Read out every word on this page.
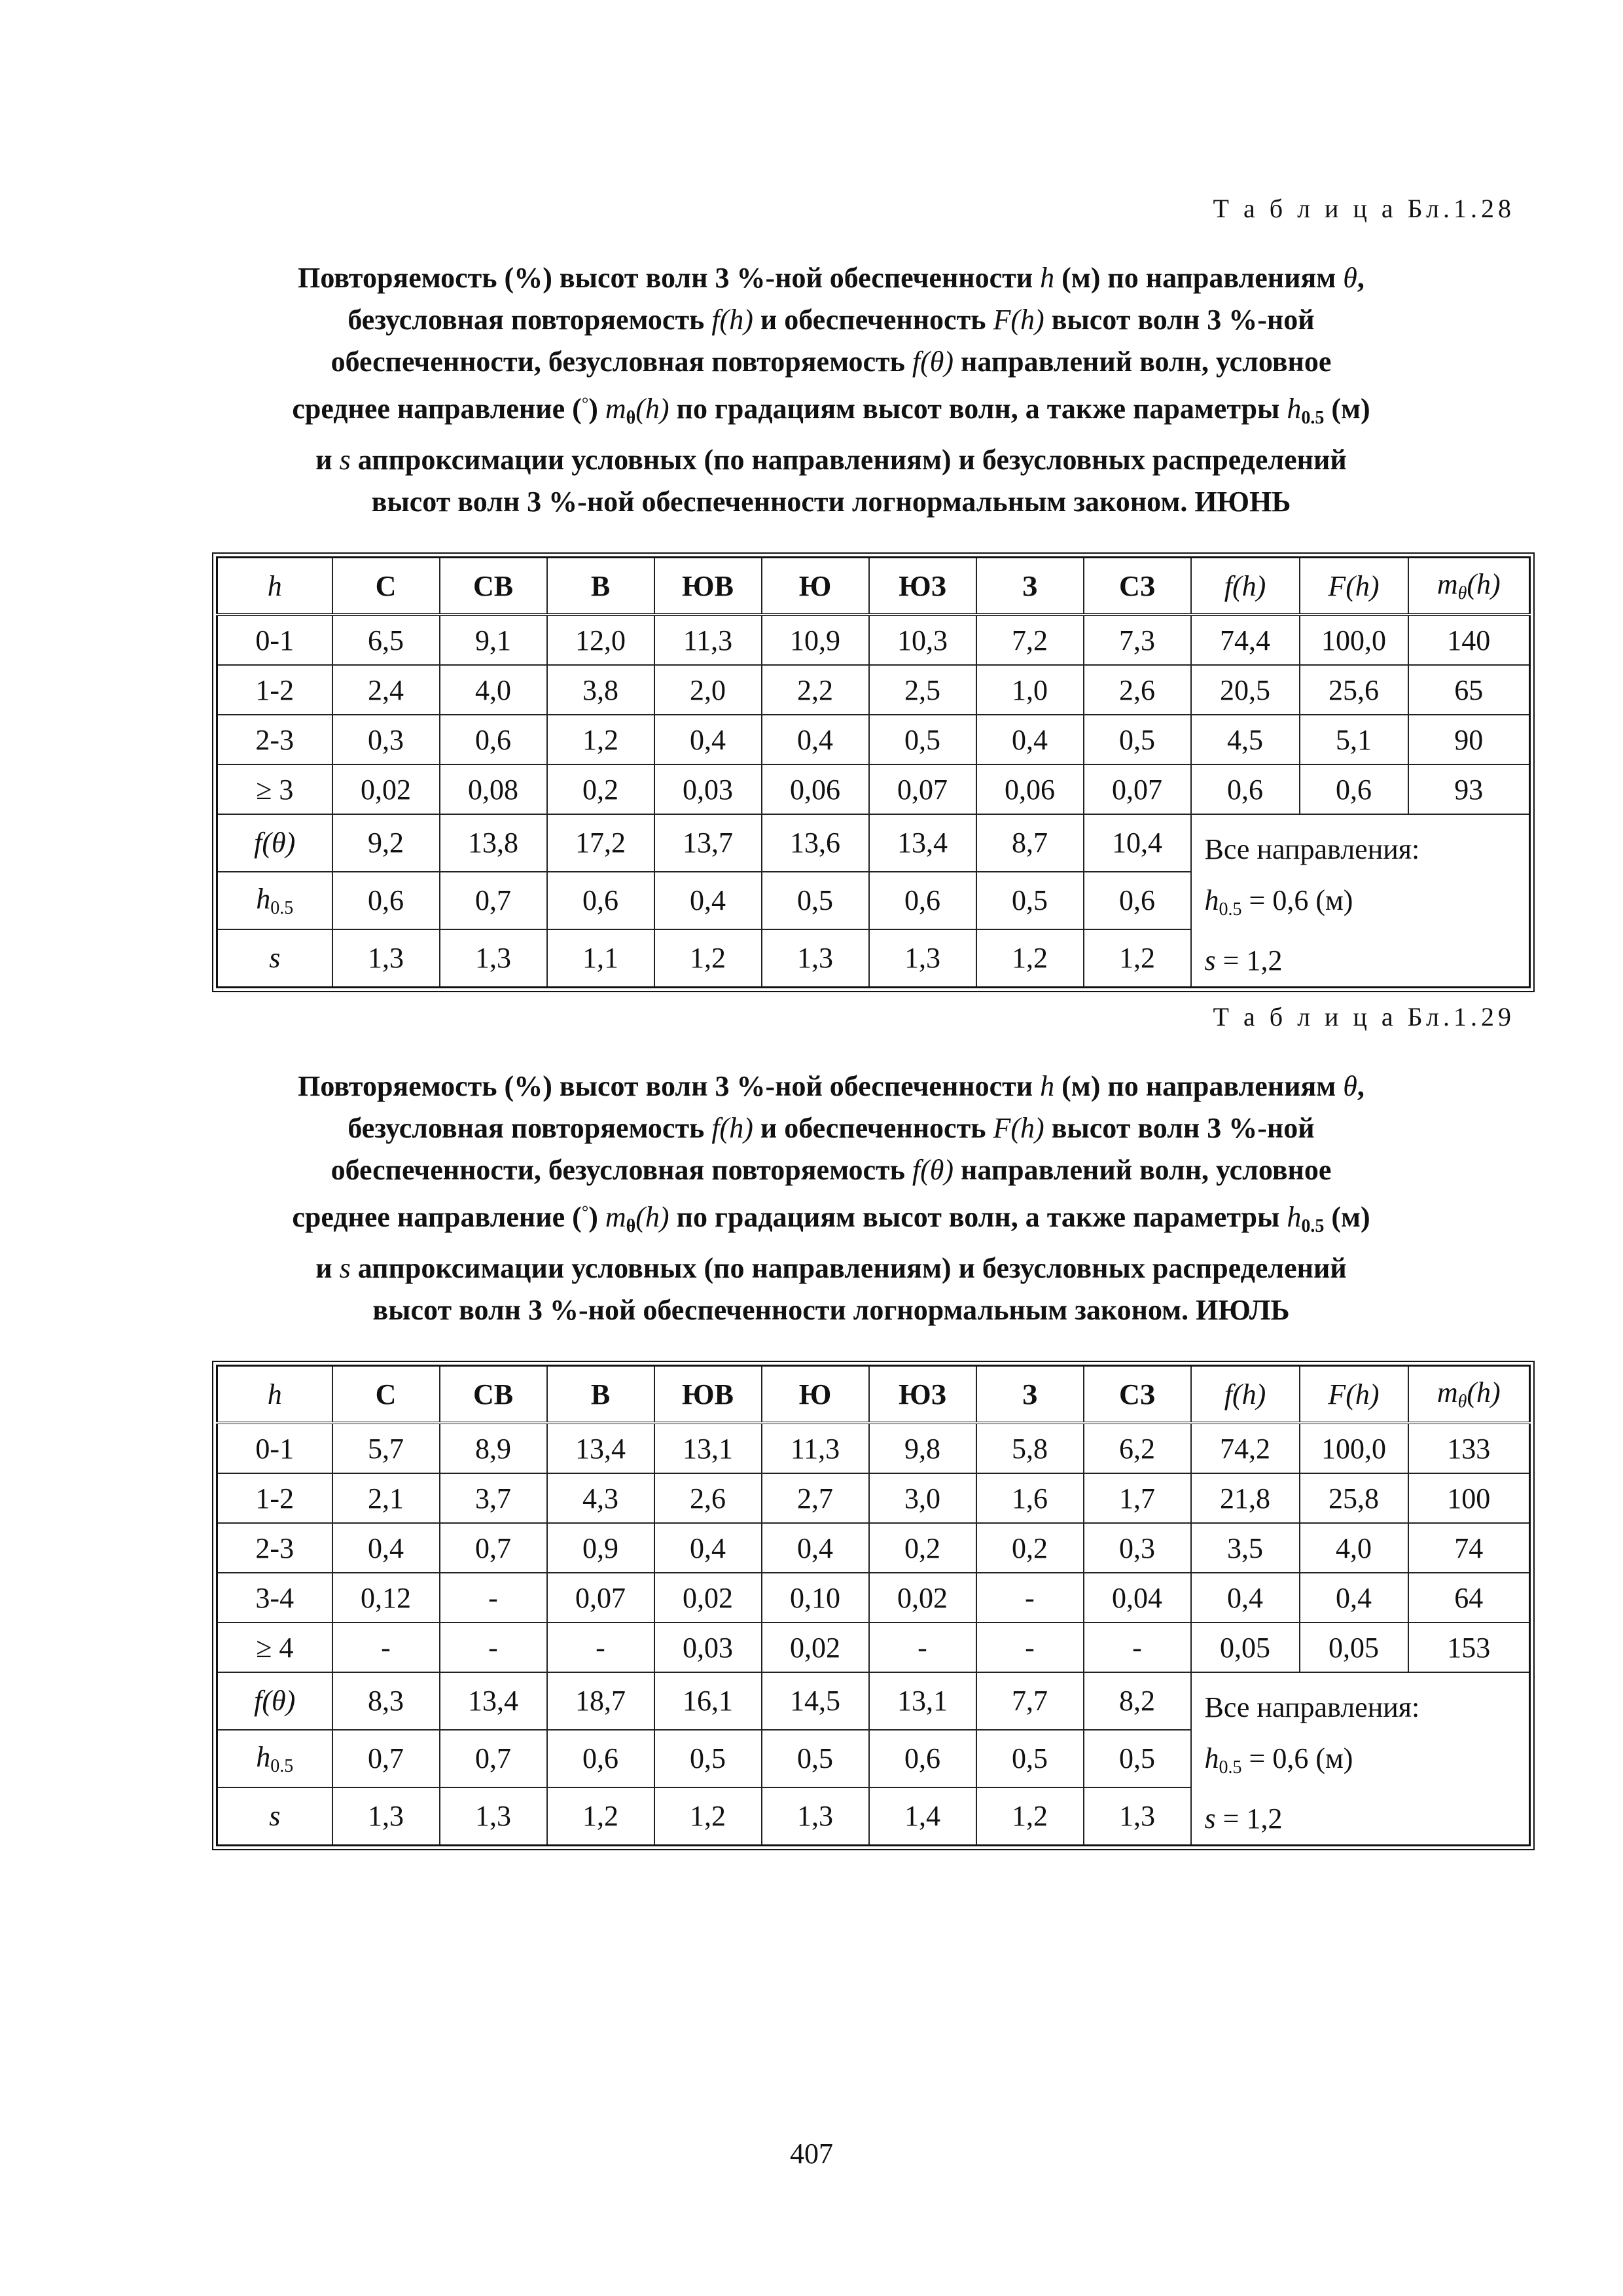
Т а б л и ц а Бл.1.28
Повторяемость (%) высот волн 3 %-ной обеспеченности h (м) по направлениям θ,
безусловная повторяемость f(h) и обеспеченность F(h) высот волн 3 %-ной
обеспеченности, безусловная повторяемость f(θ) направлений волн, условное
среднее направление (°) $m_\theta(h)$ по градациям высот волн, а также параметры $h_{0.5}$ (м)
и s аппроксимации условных (по направлениям) и безусловных распределений
высот волн 3 %-ной обеспеченности логнормальным законом. ИЮНЬ
h	С	СВ	В	ЮВ	Ю	ЮЗ	З	СЗ	f(h)	F(h)	$m_\theta(h)$
0-1	6,5	9,1	12,0	11,3	10,9	10,3	7,2	7,3	74,4	100,0	140
1-2	2,4	4,0	3,8	2,0	2,2	2,5	1,0	2,6	20,5	25,6	65
2-3	0,3	0,6	1,2	0,4	0,4	0,5	0,4	0,5	4,5	5,1	90
≥ 3	0,02	0,08	0,2	0,03	0,06	0,07	0,06	0,07	0,6	0,6	93
f(θ)	9,2	13,8	17,2	13,7	13,6	13,4	8,7	10,4	Все направления:
$h_{0.5} = 0,6$ (м)
s = 1,2		

$h_{0.5}$	0,6	0,7	0,6	0,4	0,5	0,6	0,5	0,6			
s	1,3	1,3	1,1	1,2	1,3	1,3	1,2	1,2			
Т а б л и ц а Бл.1.29
Повторяемость (%) высот волн 3 %-ной обеспеченности h (м) по направлениям θ,
безусловная повторяемость f(h) и обеспеченность F(h) высот волн 3 %-ной
обеспеченности, безусловная повторяемость f(θ) направлений волн, условное
среднее направление (°) $m_\theta(h)$ по градациям высот волн, а также параметры $h_{0.5}$ (м)
и s аппроксимации условных (по направлениям) и безусловных распределений
высот волн 3 %-ной обеспеченности логнормальным законом. ИЮЛЬ
h	С	СВ	В	ЮВ	Ю	ЮЗ	З	СЗ	f(h)	F(h)	$m_\theta(h)$
0-1	5,7	8,9	13,4	13,1	11,3	9,8	5,8	6,2	74,2	100,0	133
1-2	2,1	3,7	4,3	2,6	2,7	3,0	1,6	1,7	21,8	25,8	100
2-3	0,4	0,7	0,9	0,4	0,4	0,2	0,2	0,3	3,5	4,0	74
3-4	0,12	-	0,07	0,02	0,10	0,02	-	0,04	0,4	0,4	64
≥ 4	-	-	-	0,03	0,02	-	-	-	0,05	0,05	153
f(θ)	8,3	13,4	18,7	16,1	14,5	13,1	7,7	8,2	Все направления:
$h_{0.5} = 0,6$ (м)
s = 1,2		

$h_{0.5}$	0,7	0,7	0,6	0,5	0,5	0,6	0,5	0,5			
s	1,3	1,3	1,2	1,2	1,3	1,4	1,2	1,3			
407
